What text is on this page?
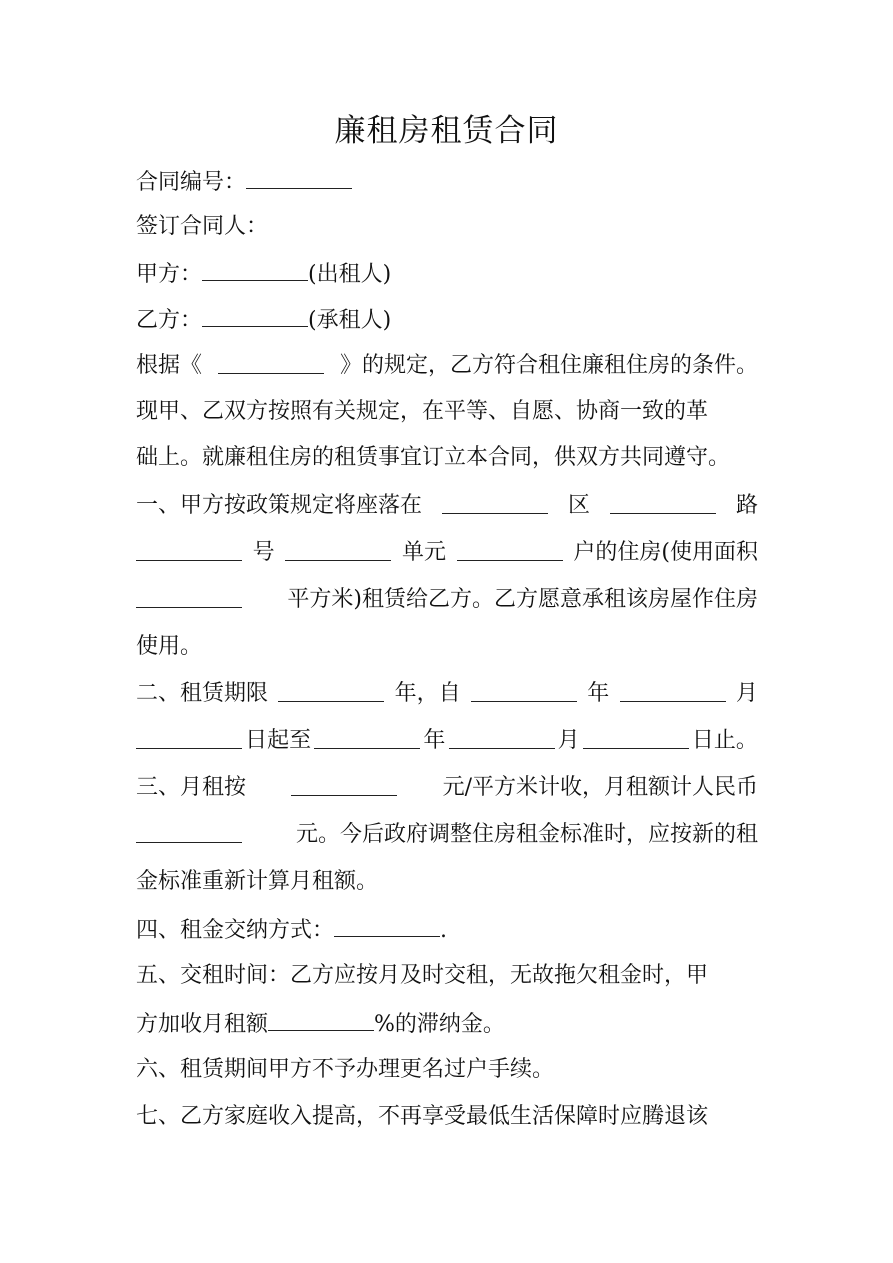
廉租房租赁合同
合同编号：
签订合同人：
甲方：	(出租人)
乙方：	(承租人)
根据《	》的规定，乙方符合租住廉租住房的条件。
现甲、乙双方按照有关规定，在平等、自愿、协商一致的革
础上。就廉租住房的租赁事宜订立本合同，供双方共同遵守。
一、甲方按政策规定将座落在	区	路
号	单元	户的住房(使用面积
平方米)租赁给乙方。乙方愿意承租该房屋作住房
使用。
二、租赁期限	年，自	年	月
日起至	年	月	日止。
三、月租按	元/平方米计收，月租额计人民币
元。今后政府调整住房租金标准时，应按新的租
金标准重新计算月租额。
四、租金交纳方式：	.
五、交租时间：乙方应按月及时交租，无故拖欠租金时，甲
方加收月租额	%的滞纳金。
六、租赁期间甲方不予办理更名过户手续。
七、乙方家庭收入提高，不再享受最低生活保障时应腾退该
